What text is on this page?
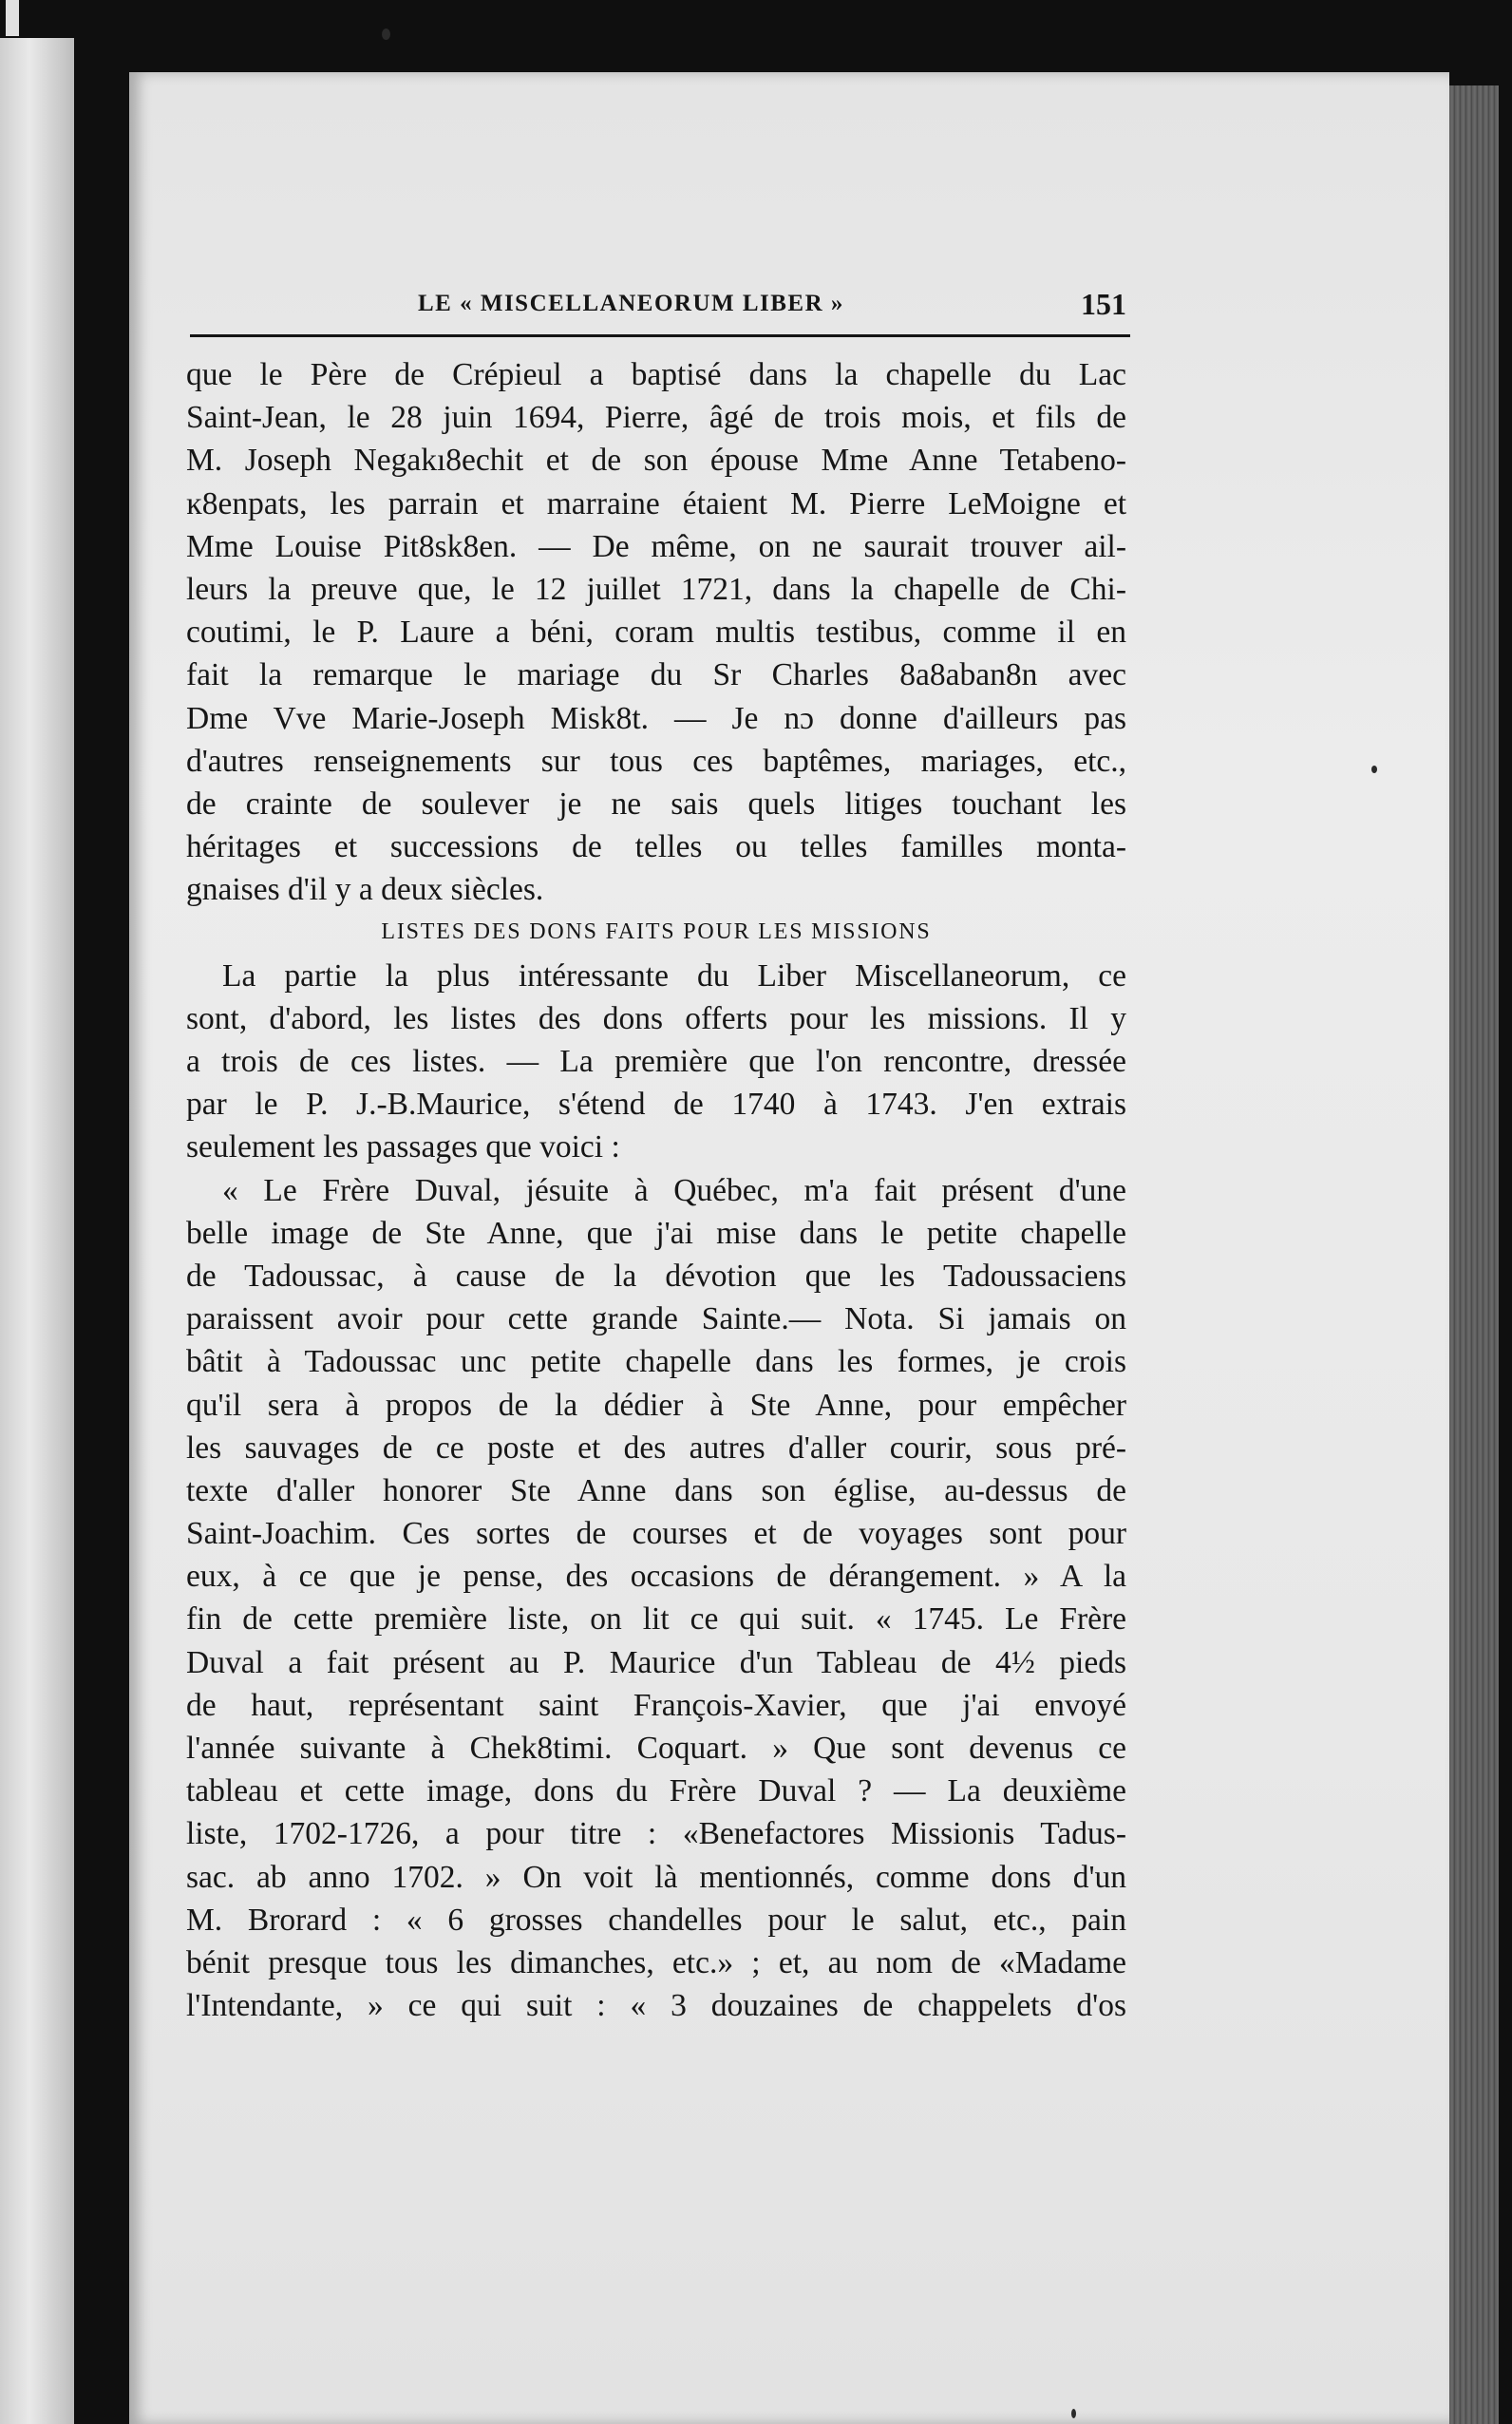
LE « MISCELLANEORUM LIBER »	151
que le Père de Crépieul a baptisé dans la chapelle du Lac
Saint-Jean, le 28 juin 1694, Pierre, âgé de trois mois, et fils de
M. Joseph Negakı8echit et de son épouse Mme Anne Tetabeno-
ĸ8enpats, les parrain et marraine étaient M. Pierre LeMoigne et
Mme Louise Pit8sk8en. — De même, on ne saurait trouver ail-
leurs la preuve que, le 12 juillet 1721, dans la chapelle de Chi-
coutimi, le P. Laure a béni, coram multis testibus, comme il en
fait la remarque le mariage du Sr Charles 8a8aban8n avec
Dme Vve Marie-Joseph Misk8t. — Je nɔ donne d'ailleurs pas
d'autres renseignements sur tous ces baptêmes, mariages, etc.,
de crainte de soulever je ne sais quels litiges touchant les
héritages et successions de telles ou telles familles monta-
gnaises d'il y a deux siècles.
LISTES DES DONS FAITS POUR LES MISSIONS
La partie la plus intéressante du Liber Miscellaneorum, ce
sont, d'abord, les listes des dons offerts pour les missions. Il y
a trois de ces listes. — La première que l'on rencontre, dressée
par le P. J.-B.Maurice, s'étend de 1740 à 1743. J'en extrais
seulement les passages que voici :
« Le Frère Duval, jésuite à Québec, m'a fait présent d'une
belle image de Ste Anne, que j'ai mise dans le petite chapelle
de Tadoussac, à cause de la dévotion que les Tadoussaciens
paraissent avoir pour cette grande Sainte.— Nota. Si jamais on
bâtit à Tadoussac unc petite chapelle dans les formes, je crois
qu'il sera à propos de la dédier à Ste Anne, pour empêcher
les sauvages de ce poste et des autres d'aller courir, sous pré-
texte d'aller honorer Ste Anne dans son église, au-dessus de
Saint-Joachim. Ces sortes de courses et de voyages sont pour
eux, à ce que je pense, des occasions de dérangement. » A la
fin de cette première liste, on lit ce qui suit. « 1745. Le Frère
Duval a fait présent au P. Maurice d'un Tableau de 4½ pieds
de haut, représentant saint François-Xavier, que j'ai envoyé
l'année suivante à Chek8timi. Coquart. » Que sont devenus ce
tableau et cette image, dons du Frère Duval ? — La deuxième
liste, 1702-1726, a pour titre : «Benefactores Missionis Tadus-
sac. ab anno 1702. » On voit là mentionnés, comme dons d'un
M. Brorard : « 6 grosses chandelles pour le salut, etc., pain
bénit presque tous les dimanches, etc.» ; et, au nom de «Madame
l'Intendante, » ce qui suit : « 3 douzaines de chappelets d'os
